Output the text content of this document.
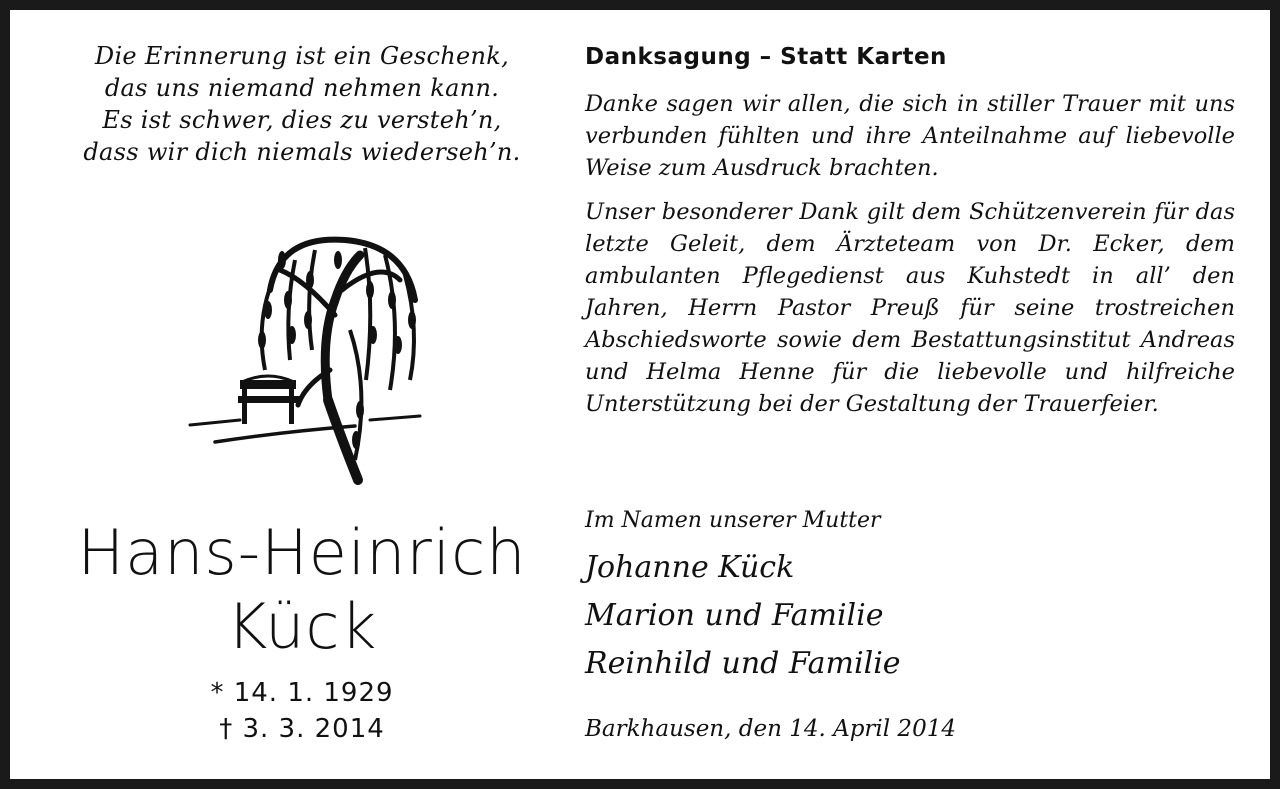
Die Erinnerung ist ein Geschenk,
das uns niemand nehmen kann.
Es ist schwer, dies zu versteh’n,
dass wir dich niemals wiederseh’n.
Hans-Heinrich
Kück
* 14. 1. 1929
† 3. 3. 2014
Danksagung – Statt Karten

Danke sagen wir allen, die sich in stiller Trauer mit uns verbunden fühlten und ihre Anteilnahme auf liebevolle Weise zum Ausdruck brachten.

Unser besonderer Dank gilt dem Schützenverein für das letzte Geleit, dem Ärzteteam von Dr. Ecker, dem ambulanten Pflegedienst aus Kuhstedt in all’ den Jahren, Herrn Pastor Preuß für seine trostreichen Abschiedsworte sowie dem Bestattungsinstitut Andreas und Helma Henne für die liebevolle und hilfreiche Unterstützung bei der Gestaltung der Trauerfeier.

Im Namen unserer Mutter
Johanne Kück
Marion und Familie
Reinhild und Familie
Barkhausen, den 14. April 2014
